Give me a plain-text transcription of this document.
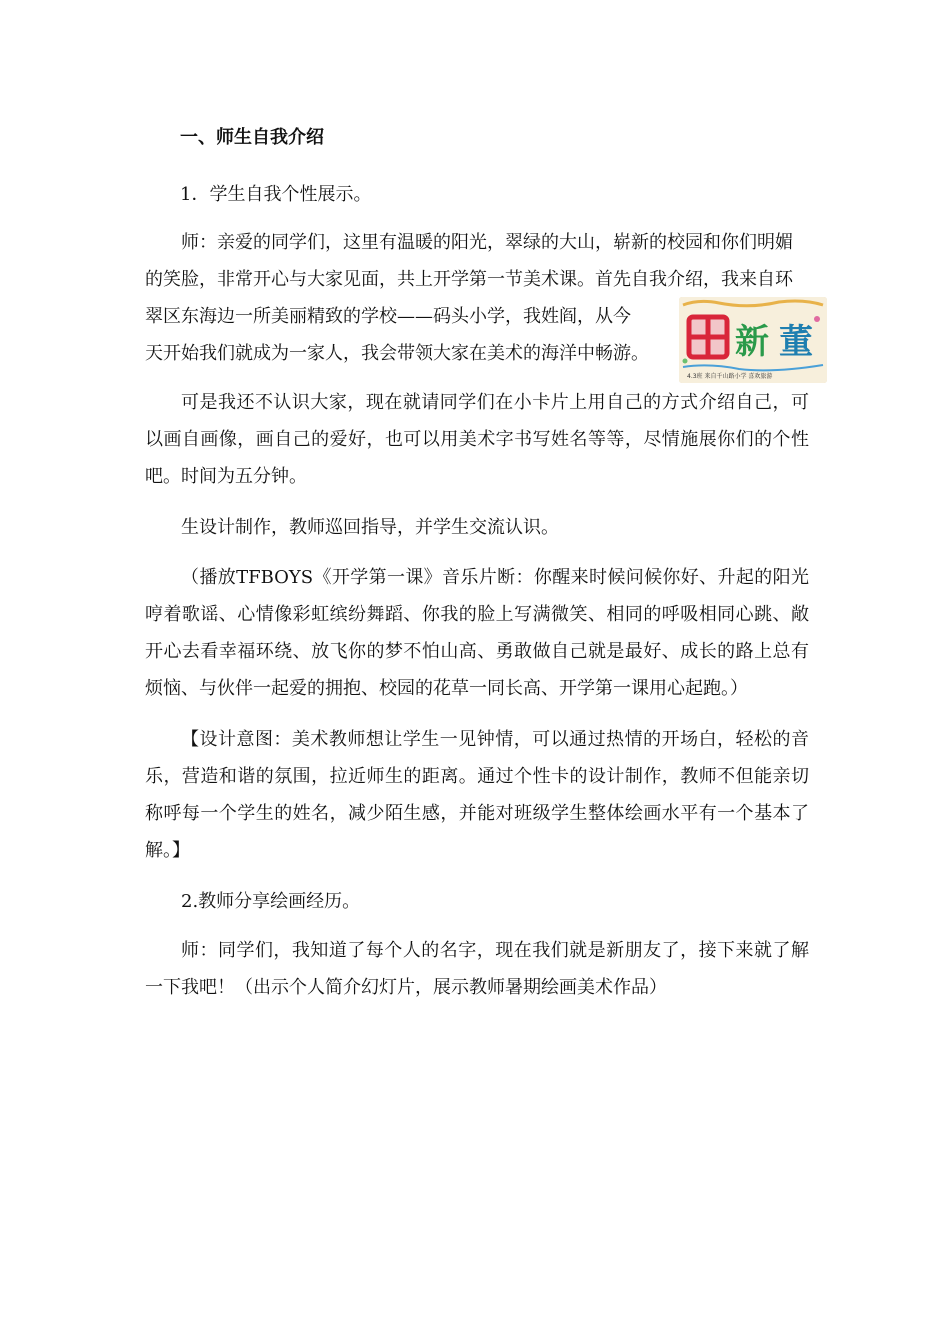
一、师生自我介绍

1．学生自我个性展示。

师：亲爱的同学们，这里有温暖的阳光，翠绿的大山，崭新的校园和你们明媚
的笑脸，非常开心与大家见面，共上开学第一节美术课。首先自我介绍，我来自环
翠区东海边一所美丽精致的学校——码头小学，我姓阎，从今
天开始我们就成为一家人，我会带领大家在美术的海洋中畅游。	新 董
4.3班 来自千山路小学 喜欢旅游

可是我还不认识大家，现在就请同学们在小卡片上用自己的方式介绍自己，可以画自画像，画自己的爱好，也可以用美术字书写姓名等等，尽情施展你们的个性吧。时间为五分钟。

生设计制作，教师巡回指导，并学生交流认识。

（播放TFBOYS《开学第一课》音乐片断：你醒来时候问候你好、升起的阳光哼着歌谣、心情像彩虹缤纷舞蹈、你我的脸上写满微笑、相同的呼吸相同心跳、敞开心去看幸福环绕、放飞你的梦不怕山高、勇敢做自己就是最好、成长的路上总有烦恼、与伙伴一起爱的拥抱、校园的花草一同长高、开学第一课用心起跑。）

【设计意图：美术教师想让学生一见钟情，可以通过热情的开场白，轻松的音乐，营造和谐的氛围，拉近师生的距离。通过个性卡的设计制作，教师不但能亲切称呼每一个学生的姓名，减少陌生感，并能对班级学生整体绘画水平有一个基本了解。】

2.教师分享绘画经历。

师：同学们，我知道了每个人的名字，现在我们就是新朋友了，接下来就了解一下我吧！（出示个人简介幻灯片，展示教师暑期绘画美术作品）
